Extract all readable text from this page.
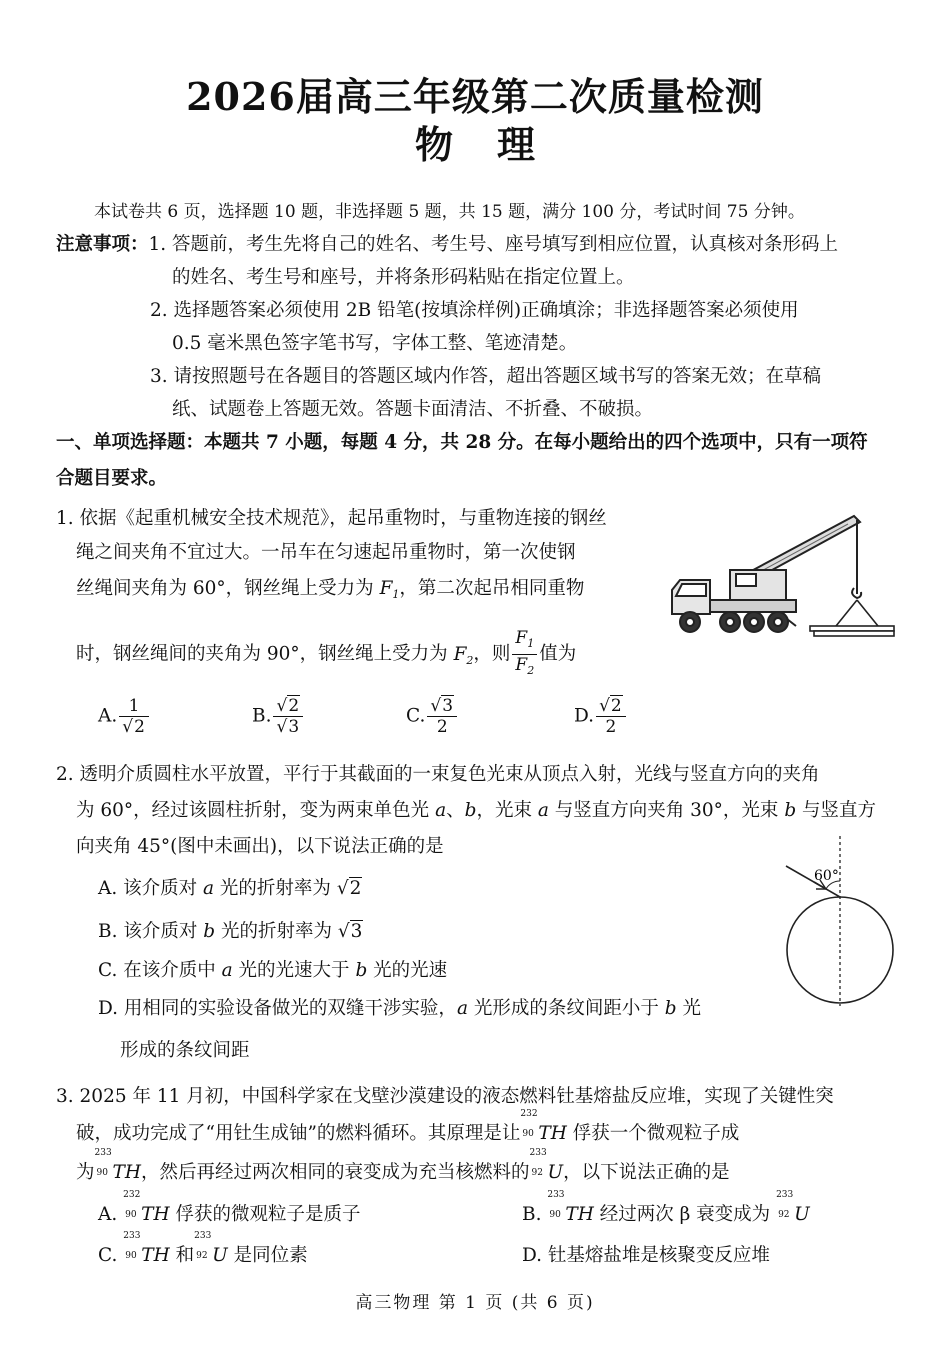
2026届高三年级第二次质量检测
物 理
本试卷共 6 页，选择题 10 题，非选择题 5 题，共 15 题，满分 100 分，考试时间 75 分钟。
注意事项：1. 答题前，考生先将自己的姓名、考生号、座号填写到相应位置，认真核对条形码上
的姓名、考生号和座号，并将条形码粘贴在指定位置上。
2. 选择题答案必须使用 2B 铅笔(按填涂样例)正确填涂；非选择题答案必须使用
0.5 毫米黑色签字笔书写，字体工整、笔迹清楚。
3. 请按照题号在各题目的答题区域内作答，超出答题区域书写的答案无效；在草稿
纸、试题卷上答题无效。答题卡面清洁、不折叠、不破损。
一、单项选择题：本题共 7 小题，每题 4 分，共 28 分。在每小题给出的四个选项中，只有一项符
合题目要求。
1. 依据《起重机械安全技术规范》，起吊重物时，与重物连接的钢丝
绳之间夹角不宜过大。一吊车在匀速起吊重物时，第一次使钢
丝绳间夹角为 60°，钢丝绳上受力为 $F_1$，第二次起吊相同重物
时，钢丝绳间的夹角为 90°，钢丝绳上受力为 $F_2$，则 $\frac{F_1}{F_2}$ 值为
A. $\frac{1}{√2}$	B. $\frac{√2}{√3}$	C. $\frac{√3}{2}$	D. $\frac{√2}{2}$
2. 透明介质圆柱水平放置，平行于其截面的一束复色光束从顶点入射，光线与竖直方向的夹角
为 60°，经过该圆柱折射，变为两束单色光 a、b，光束 a 与竖直方向夹角 30°，光束 b 与竖直方
向夹角 45°(图中未画出)，以下说法正确的是
A. 该介质对 a 光的折射率为 √2
B. 该介质对 b 光的折射率为 √3
C. 在该介质中 a 光的光速大于 b 光的光速
D. 用相同的实验设备做光的双缝干涉实验，a 光形成的条纹间距小于 b 光
形成的条纹间距
60°
3. 2025 年 11 月初，中国科学家在戈壁沙漠建设的液态燃料钍基熔盐反应堆，实现了关键性突
破，成功完成了“用钍生成铀”的燃料循环。其原理是让
232
90 TH 俘获一个微观粒子成
为
233
90 TH，然后再经过两次相同的衰变成为充当核燃料的
233
92 U，以下说法正确的是
A.
232
90 TH 俘获的微观粒子是质子	B.
233
90 TH 经过两次 β 衰变成为
233
92 U
C.
233
90 TH 和
233
92 U 是同位素	D. 钍基熔盐堆是核聚变反应堆
高三物理 第 1 页 (共 6 页)
